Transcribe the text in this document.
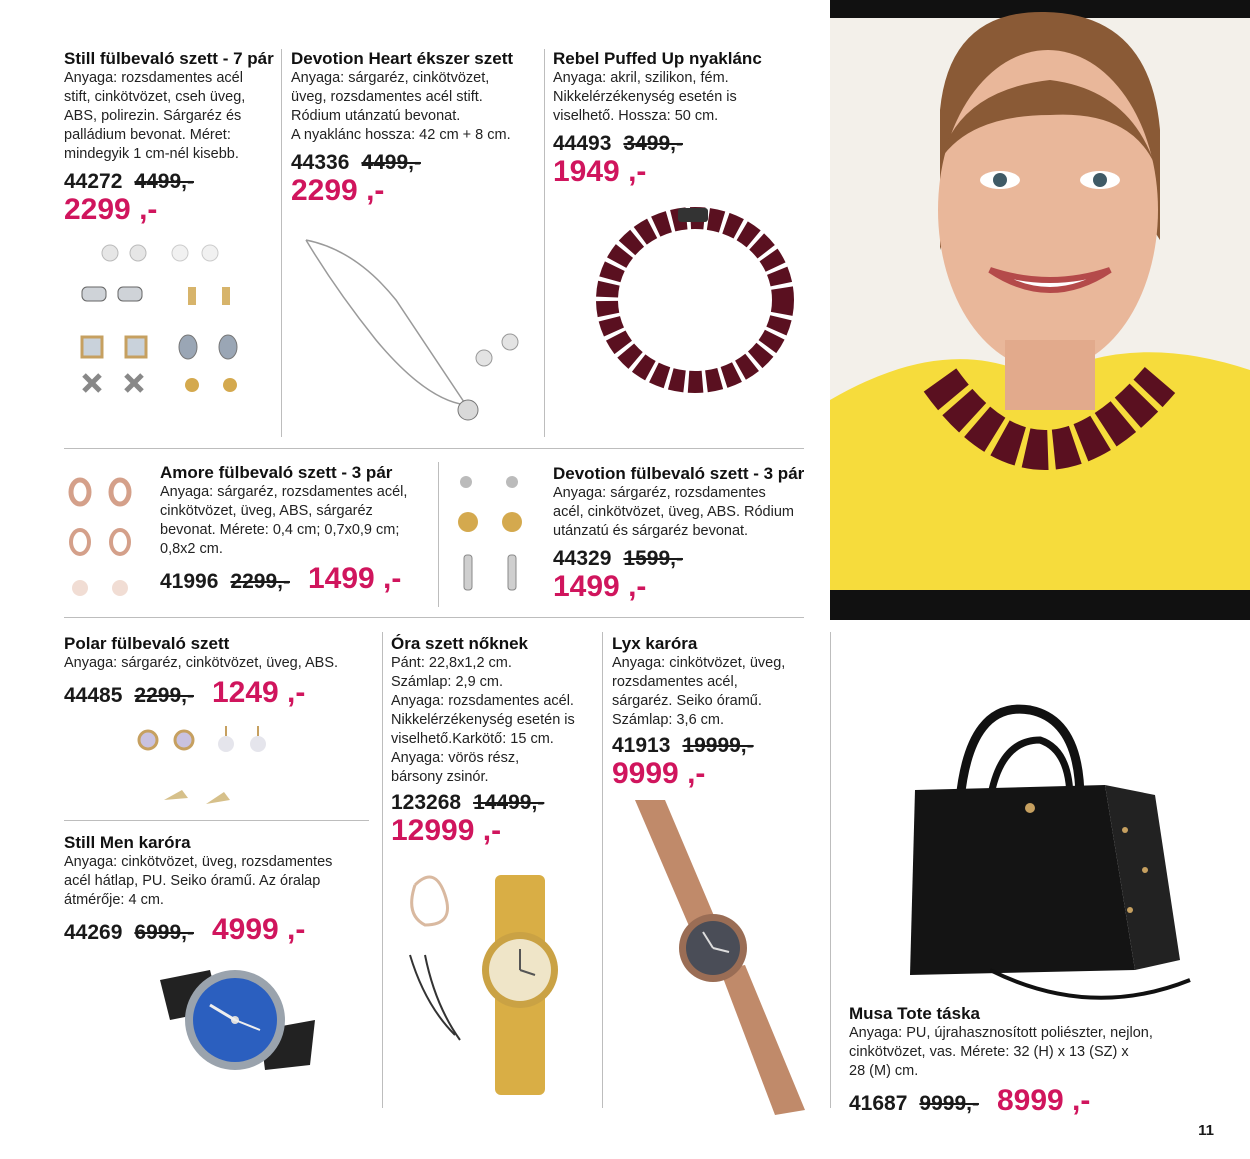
Still fülbevaló szett - 7 pár
Anyaga: rozsdamentes acél
stift, cinkötvözet, cseh üveg,
ABS, polirezin. Sárgaréz és
palládium bevonat. Méret:
mindegyik 1 cm-nél kisebb.
44272 4499,-
2299 ,-
Devotion Heart ékszer szett
Anyaga: sárgaréz, cinkötvözet,
üveg, rozsdamentes acél stift.
Ródium utánzatú bevonat.
A nyaklánc hossza: 42 cm + 8 cm.
44336 4499,-
2299 ,-
Rebel Puffed Up nyaklánc
Anyaga: akril, szilikon, fém.
Nikkelérzékenység esetén is
viselhető. Hossza: 50 cm.
44493 3499,-
1949 ,-
Amore fülbevaló szett - 3 pár
Anyaga: sárgaréz, rozsdamentes acél,
cinkötvözet, üveg, ABS, sárgaréz
bevonat. Mérete: 0,4 cm; 0,7x0,9 cm;
0,8x2 cm.
41996 2299,- 1499 ,-
Devotion fülbevaló szett - 3 pár
Anyaga: sárgaréz, rozsdamentes
acél, cinkötvözet, üveg, ABS. Ródium
utánzatú és sárgaréz bevonat.
44329 1599,-
1499 ,-
Polar fülbevaló szett
Anyaga: sárgaréz, cinkötvözet, üveg, ABS.
44485 2299,- 1249 ,-
Still Men karóra
Anyaga: cinkötvözet, üveg, rozsdamentes
acél hátlap, PU. Seiko óramű. Az óralap
átmérője: 4 cm.
44269 6999,- 4999 ,-
Óra szett nőknek
Pánt: 22,8x1,2 cm.
Számlap: 2,9 cm.
Anyaga: rozsdamentes acél.
Nikkelérzékenység esetén is
viselhető.Karkötő: 15 cm.
Anyaga: vörös rész,
bársony zsinór.
123268 14499,-
12999 ,-
Lyx karóra
Anyaga: cinkötvözet, üveg,
rozsdamentes acél,
sárgaréz. Seiko óramű.
Számlap: 3,6 cm.
41913 19999,-
9999 ,-
Musa Tote táska
Anyaga: PU, újrahasznosított poliészter, nejlon,
cinkötvözet, vas. Mérete: 32 (H) x 13 (SZ) x
28 (M) cm.
41687 9999,- 8999 ,-
11
